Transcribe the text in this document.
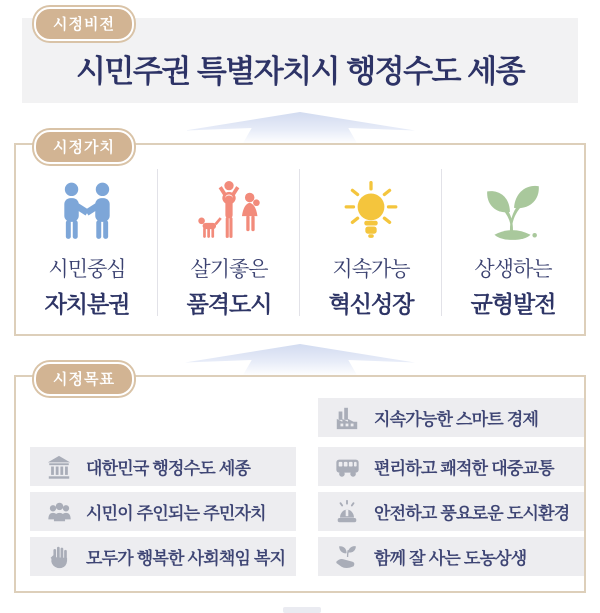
시민주권 특별자치시 행정수도 세종
시정비전
시민중심
자치분권
살기좋은
품격도시
지속가능
혁신성장
상생하는
균형발전
시정가치
지속가능한 스마트 경제
대한민국 행정수도 세종	편리하고 쾌적한 대중교통
시민이 주인되는 주민자치	안전하고 풍요로운 도시환경
모두가 행복한 사회책임 복지	함께 잘 사는 도농상생
시정목표
